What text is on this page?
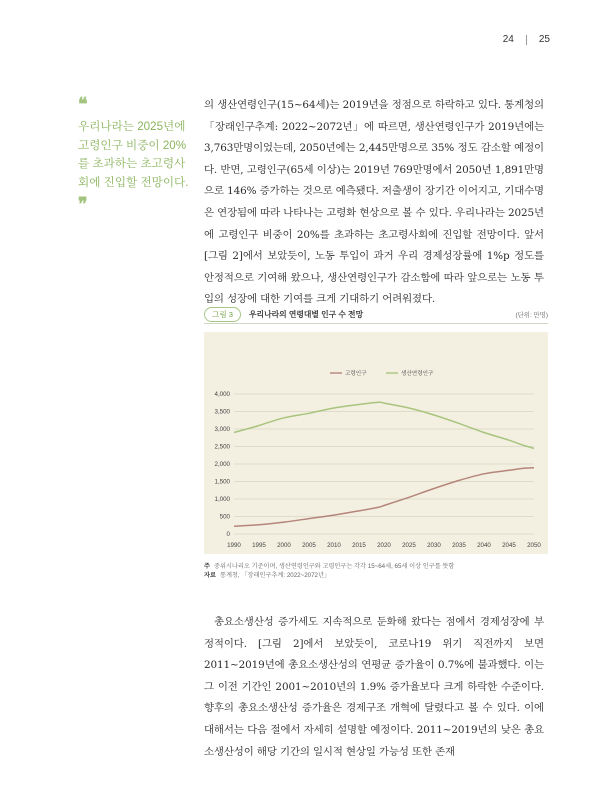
24	25
❛❛

우리나라는 2025년에 고령인구 비중이 20%를 초과하는 초고령사회에 진입할 전망이다.

❜❜

의 생산연령인구(15~64세)는 2019년을 정점으로 하락하고 있다. 통계청의 「장래인구추계: 2022~2072년」에 따르면, 생산연령인구가 2019년에는 3,763만명이었는데, 2050년에는 2,445만명으로 35% 정도 감소할 예정이다. 반면, 고령인구(65세 이상)는 2019년 769만명에서 2050년 1,891만명으로 146% 증가하는 것으로 예측됐다. 저출생이 장기간 이어지고, 기대수명은 연장됨에 따라 나타나는 고령화 현상으로 볼 수 있다. 우리나라는 2025년에 고령인구 비중이 20%를 초과하는 초고령사회에 진입할 전망이다. 앞서 [그림 2]에서 보았듯이, 노동 투입이 과거 우리 경제성장률에 1%p 정도를 안정적으로 기여해 왔으나, 생산연령인구가 감소함에 따라 앞으로는 노동 투입의 성장에 대한 기여를 크게 기대하기 어려워졌다.

그림 3	우리나라의 연령대별 인구 수 전망	(단위: 만명)
0
500
1,000
1,500
2,000
2,500
3,000
3,500
4,000
1990 1995 2000 2005 2010 2015 2020 2025 2030 2035 2040 2045 2050
고령인구	생산연령인구
주 중위시나리오 기준이며, 생산연령인구와 고령인구는 각각 15~64세, 65세 이상 인구를 뜻함
자료 통계청, 「장래인구추계: 2022~2072년」

총요소생산성 증가세도 지속적으로 둔화해 왔다는 점에서 경제성장에 부정적이다. [그림 2]에서 보았듯이, 코로나19 위기 직전까지 보면 2011~2019년에 총요소생산성의 연평균 증가율이 0.7%에 불과했다. 이는 그 이전 기간인 2001~2010년의 1.9% 증가율보다 크게 하락한 수준이다. 향후의 총요소생산성 증가율은 경제구조 개혁에 달렸다고 볼 수 있다. 이에 대해서는 다음 절에서 자세히 설명할 예정이다. 2011~2019년의 낮은 총요소생산성이 해당 기간의 일시적 현상일 가능성 또한 존재
